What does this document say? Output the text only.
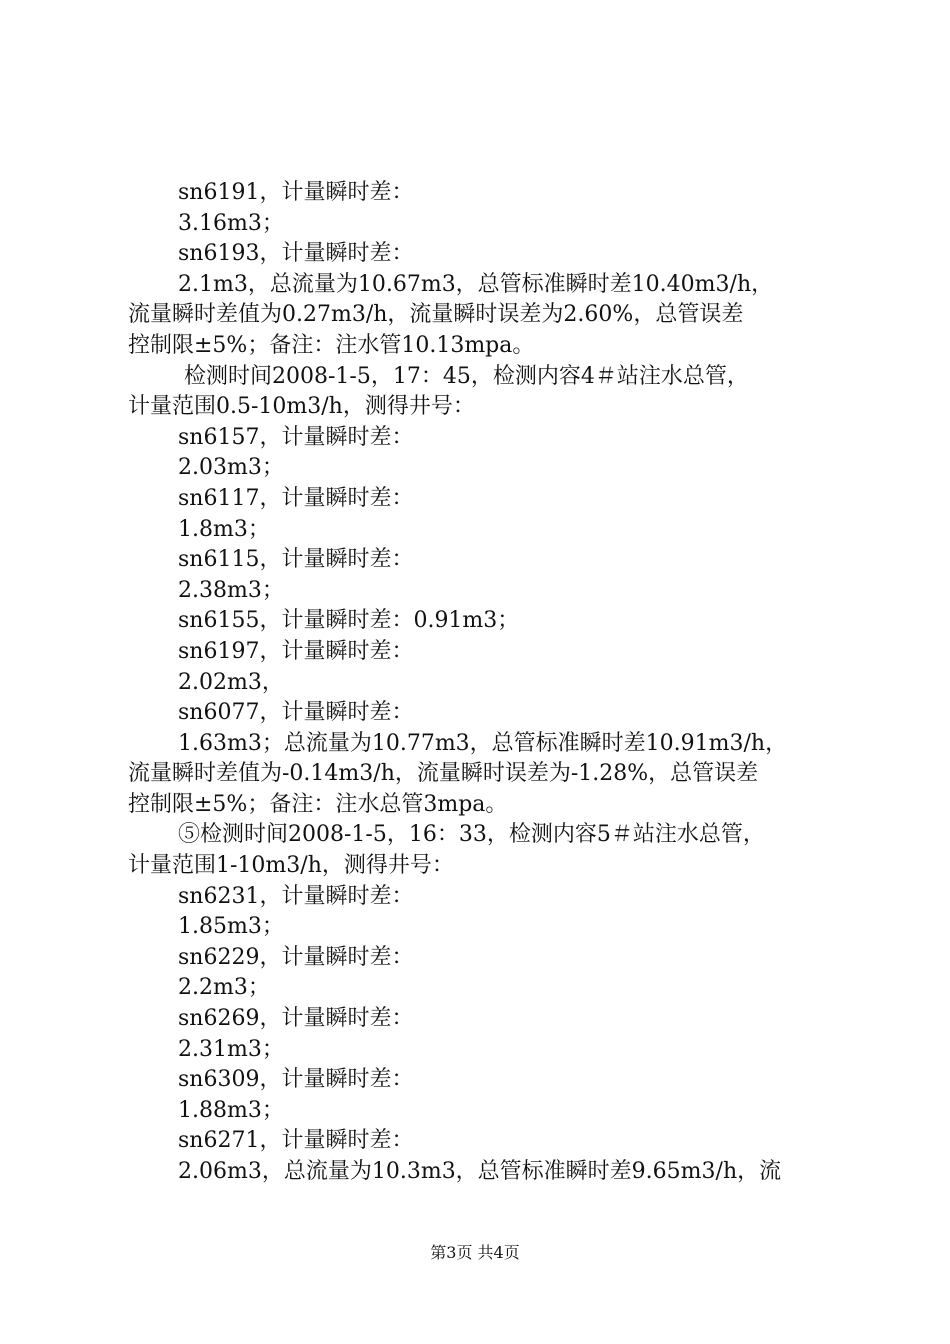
sn6191，计量瞬时差：
3.16m3；
sn6193，计量瞬时差：
2.1m3，总流量为10.67m3，总管标准瞬时差10.40m3/h，
流量瞬时差值为0.27m3/h，流量瞬时误差为2.60%，总管误差
控制限±5%；备注：注水管10.13mpa。
检测时间2008-1-5，17：45，检测内容4＃站注水总管，
计量范围0.5-10m3/h，测得井号：
sn6157，计量瞬时差：
2.03m3；
sn6117，计量瞬时差：
1.8m3；
sn6115，计量瞬时差：
2.38m3；
sn6155，计量瞬时差：0.91m3；
sn6197，计量瞬时差：
2.02m3，
sn6077，计量瞬时差：
1.63m3；总流量为10.77m3，总管标准瞬时差10.91m3/h，
流量瞬时差值为-0.14m3/h，流量瞬时误差为-1.28%，总管误差
控制限±5%；备注：注水总管3mpa。
⑤检测时间2008-1-5，16：33，检测内容5＃站注水总管，
计量范围1-10m3/h，测得井号：
sn6231，计量瞬时差：
1.85m3；
sn6229，计量瞬时差：
2.2m3；
sn6269，计量瞬时差：
2.31m3；
sn6309，计量瞬时差：
1.88m3；
sn6271，计量瞬时差：
2.06m3，总流量为10.3m3，总管标准瞬时差9.65m3/h，流
第3页 共4页
